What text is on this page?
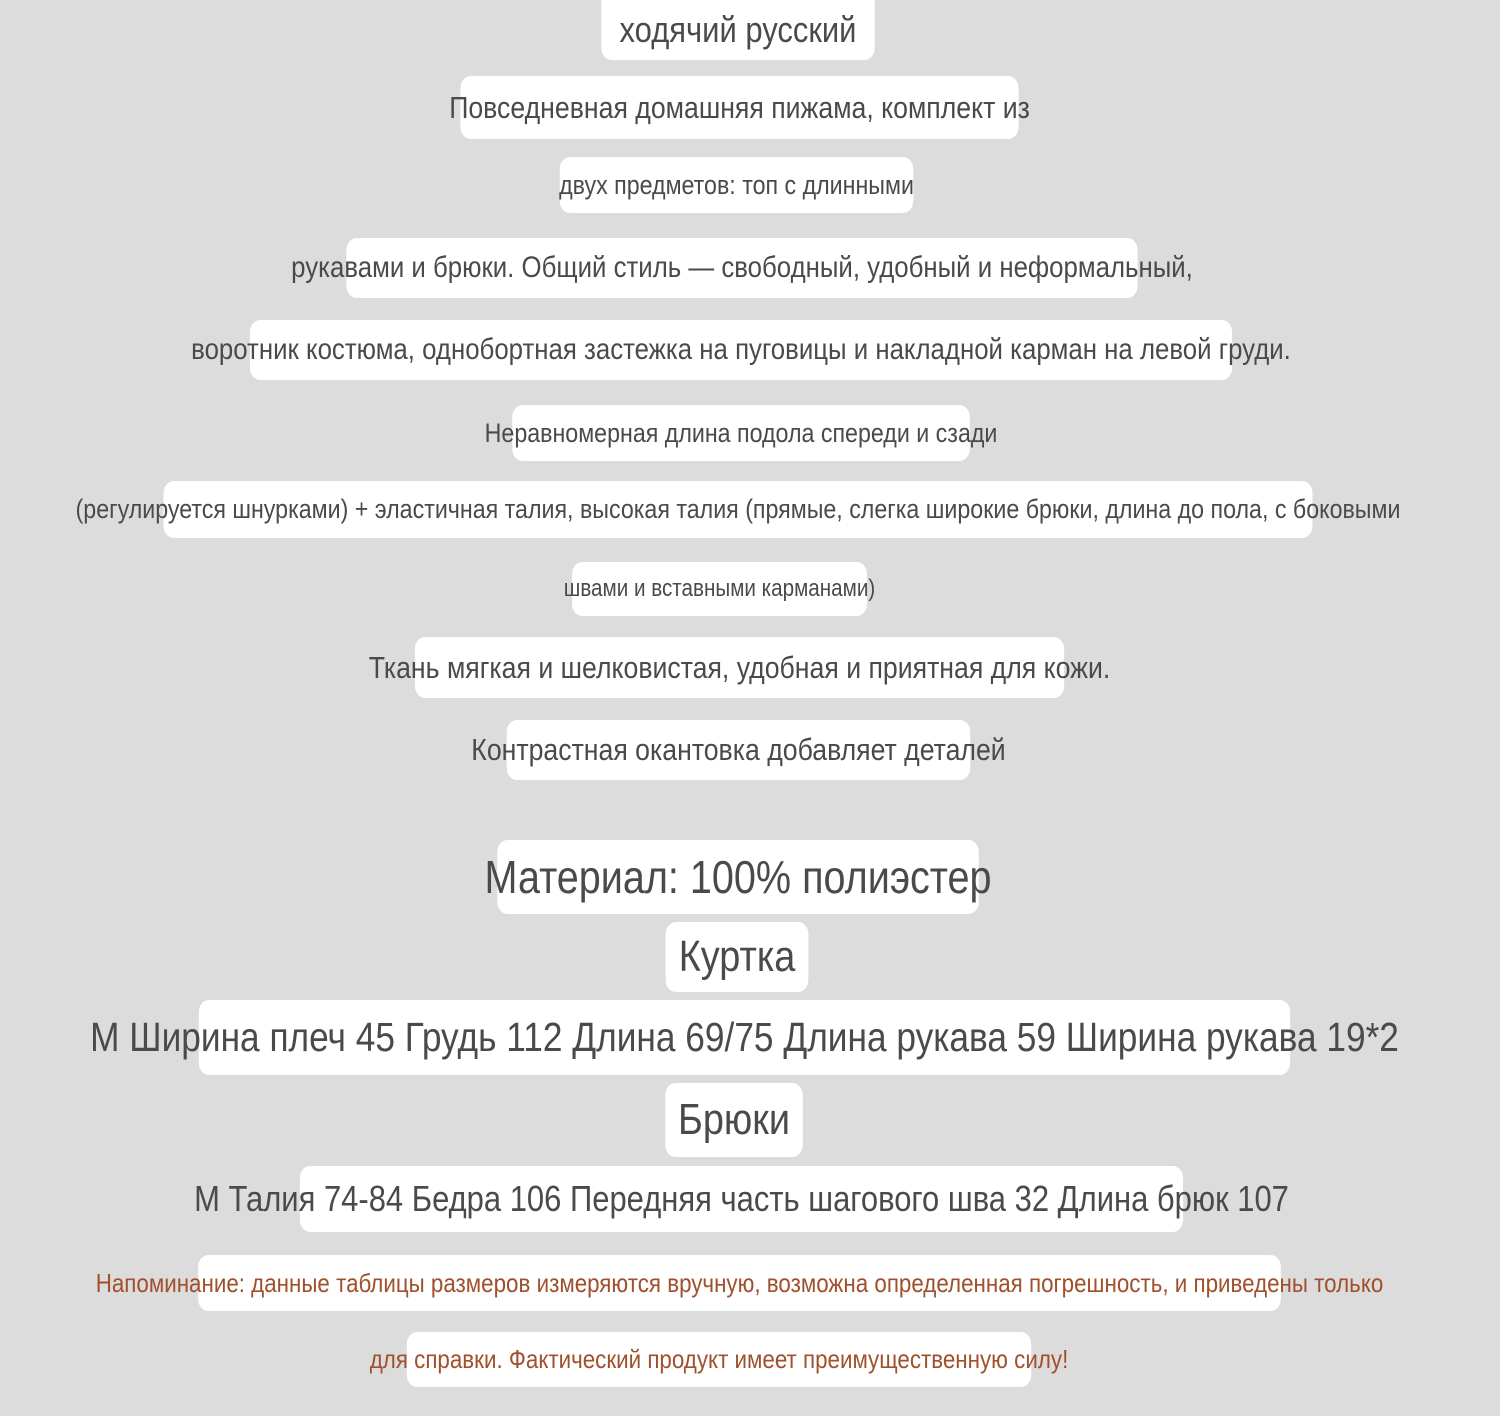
ходячий русский
Повседневная домашняя пижама, комплект из
двух предметов: топ с длинными
рукавами и брюки. Общий стиль — свободный, удобный и неформальный,
воротник костюма, однобортная застежка на пуговицы и накладной карман на левой груди.
Неравномерная длина подола спереди и сзади
(регулируется шнурками) + эластичная талия, высокая талия (прямые, слегка широкие брюки, длина до пола, с боковыми
швами и вставными карманами)
Ткань мягкая и шелковистая, удобная и приятная для кожи.
Контрастная окантовка добавляет деталей
Материал: 100% полиэстер
Куртка
M Ширина плеч 45 Грудь 112 Длина 69/75 Длина рукава 59 Ширина рукава 19*2
Брюки
M Талия 74-84 Бедра 106 Передняя часть шагового шва 32 Длина брюк 107
Напоминание: данные таблицы размеров измеряются вручную, возможна определенная погрешность, и приведены только
для справки. Фактический продукт имеет преимущественную силу!
